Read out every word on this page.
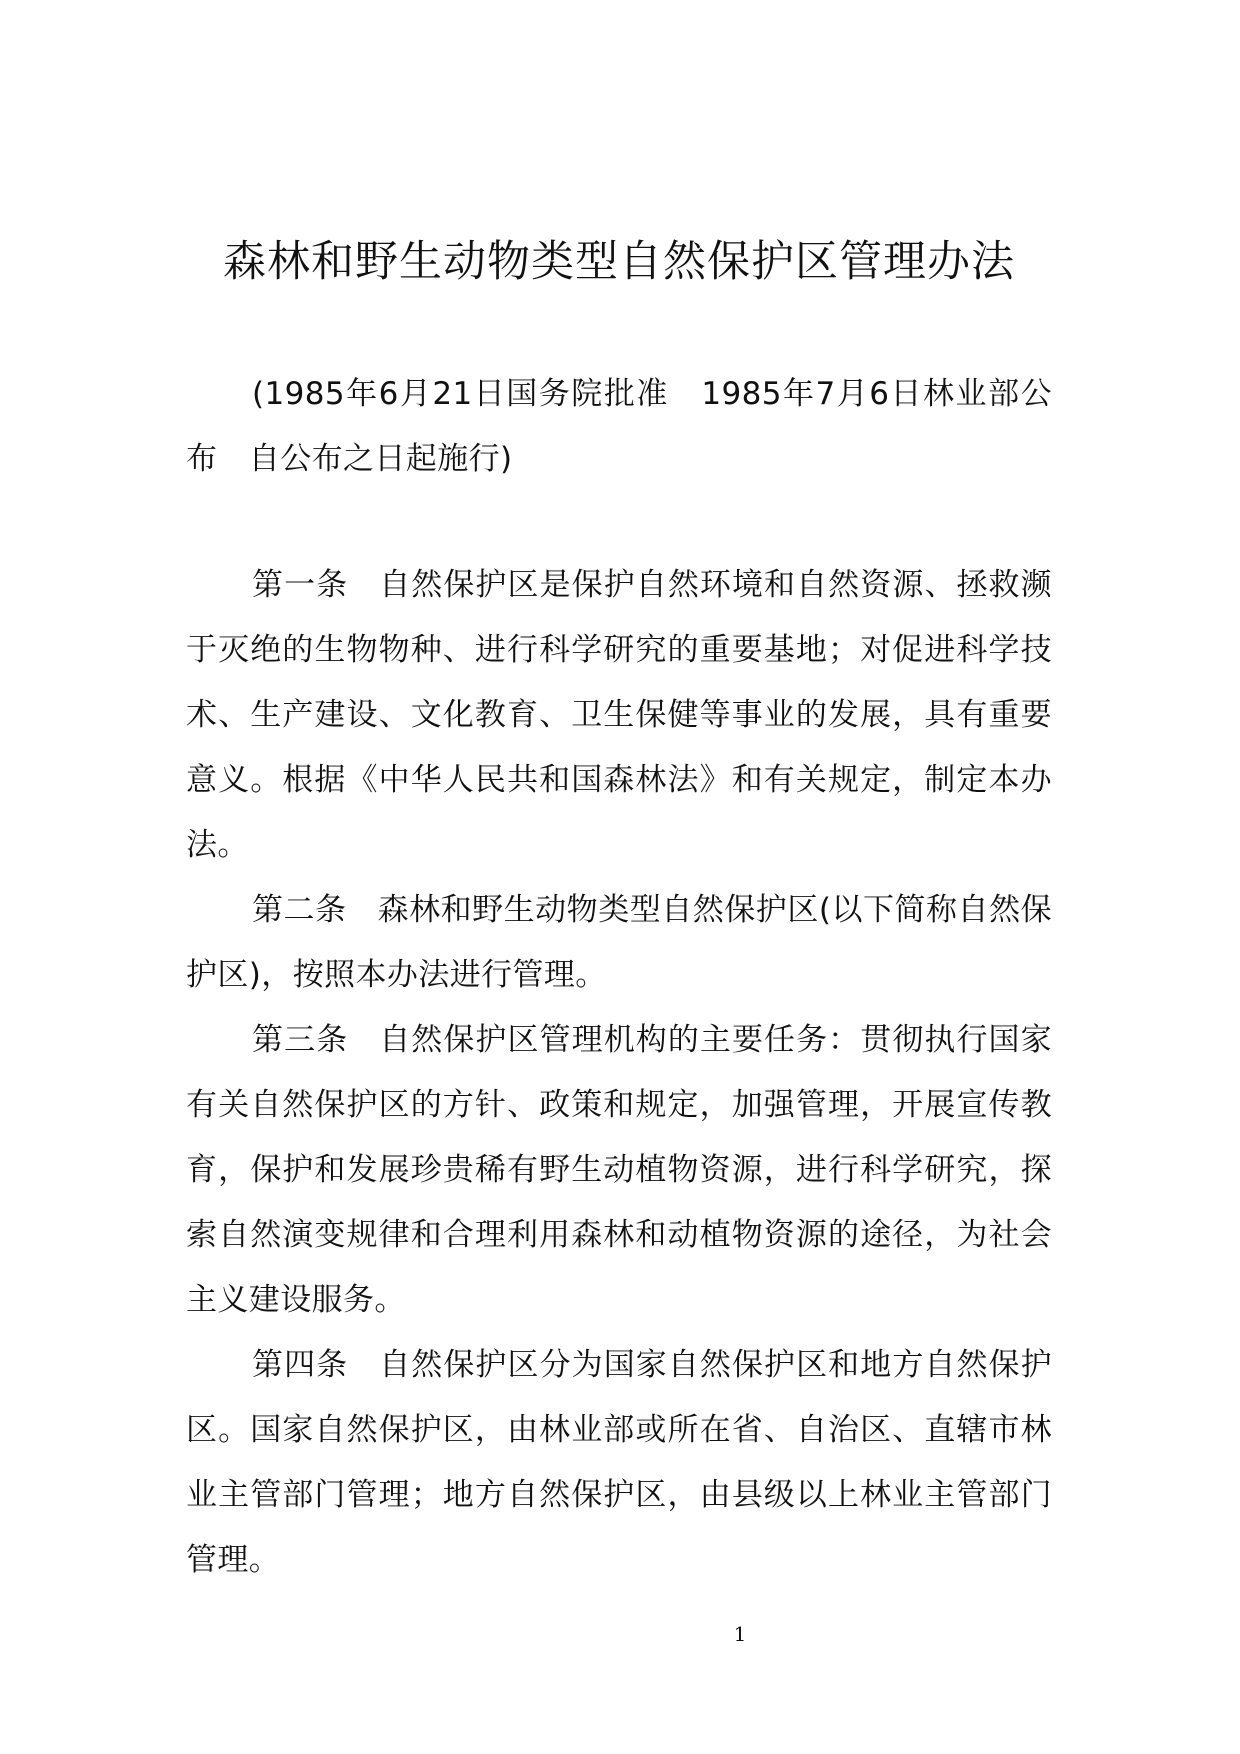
森林和野生动物类型自然保护区管理办法

(1985年6月21日国务院批准　1985年7月6日林业部公布　自公布之日起施行)

第一条 自然保护区是保护自然环境和自然资源、拯救濒于灭绝的生物物种、进行科学研究的重要基地；对促进科学技术、生产建设、文化教育、卫生保健等事业的发展，具有重要意义。根据《中华人民共和国森林法》和有关规定，制定本办法。

第二条 森林和野生动物类型自然保护区(以下简称自然保护区)，按照本办法进行管理。

第三条 自然保护区管理机构的主要任务：贯彻执行国家有关自然保护区的方针、政策和规定，加强管理，开展宣传教育，保护和发展珍贵稀有野生动植物资源，进行科学研究，探索自然演变规律和合理利用森林和动植物资源的途径，为社会主义建设服务。

第四条 自然保护区分为国家自然保护区和地方自然保护区。国家自然保护区，由林业部或所在省、自治区、直辖市林业主管部门管理；地方自然保护区，由县级以上林业主管部门管理。

1
